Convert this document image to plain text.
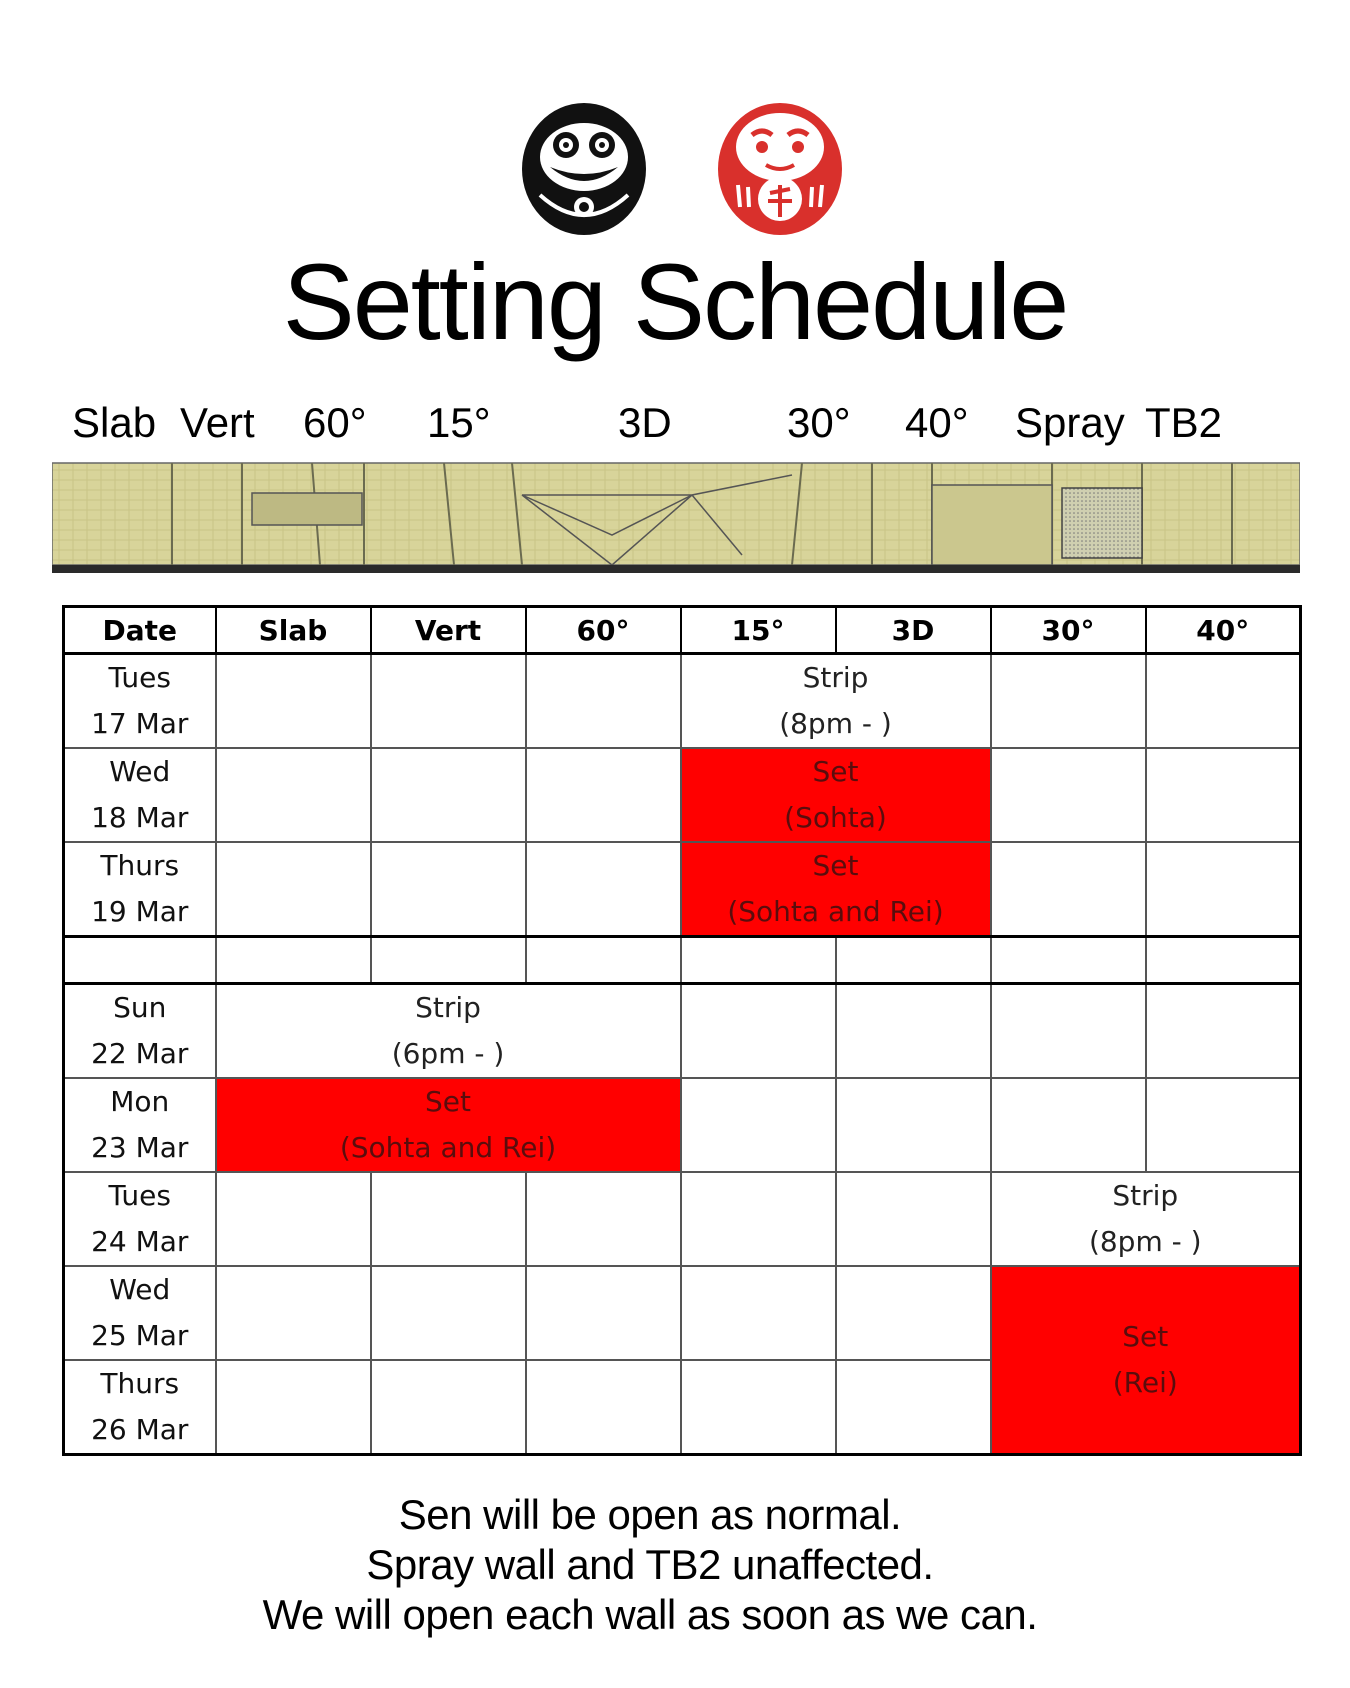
Setting Schedule
Slab Vert 60° 15°	3D	30° 40° Spray TB2
Date	Slab	Vert	60°	15°	3D	30°	40°

Tues
17 Mar				Strip
(8pm - )			

Wed
18 Mar				Set
(Sohta)			

Thurs
19 Mar				Set
(Sohta and Rei)			

Sun
22 Mar	Strip
(6pm - )						

Mon
23 Mar	Set
(Sohta and Rei)						

Tues
24 Mar						Strip
(8pm - )	

Wed
25 Mar						Set
(Rei)	

Thurs
26 Mar							

Sen will be open as normal.
Spray wall and TB2 unaffected.
We will open each wall as soon as we can.
